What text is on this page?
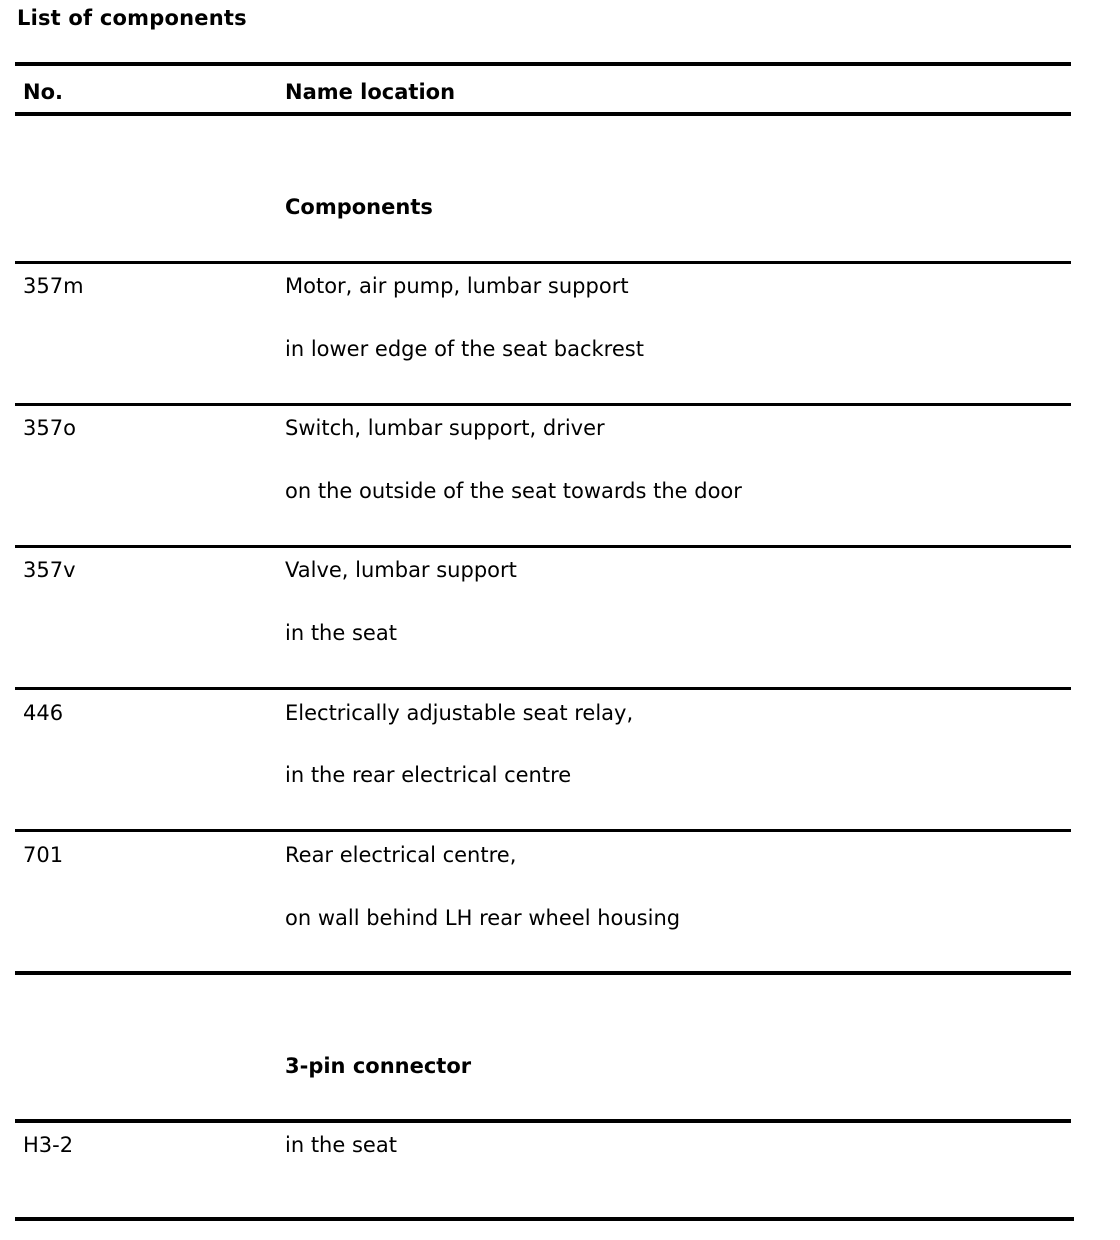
List of components
No.	Name location
Components
357m	Motor, air pump, lumbar support
in lower edge of the seat backrest
357o	Switch, lumbar support, driver
on the outside of the seat towards the door
357v	Valve, lumbar support
in the seat
446	Electrically adjustable seat relay,
in the rear electrical centre
701	Rear electrical centre,
on wall behind LH rear wheel housing
3-pin connector
H3-2	in the seat
